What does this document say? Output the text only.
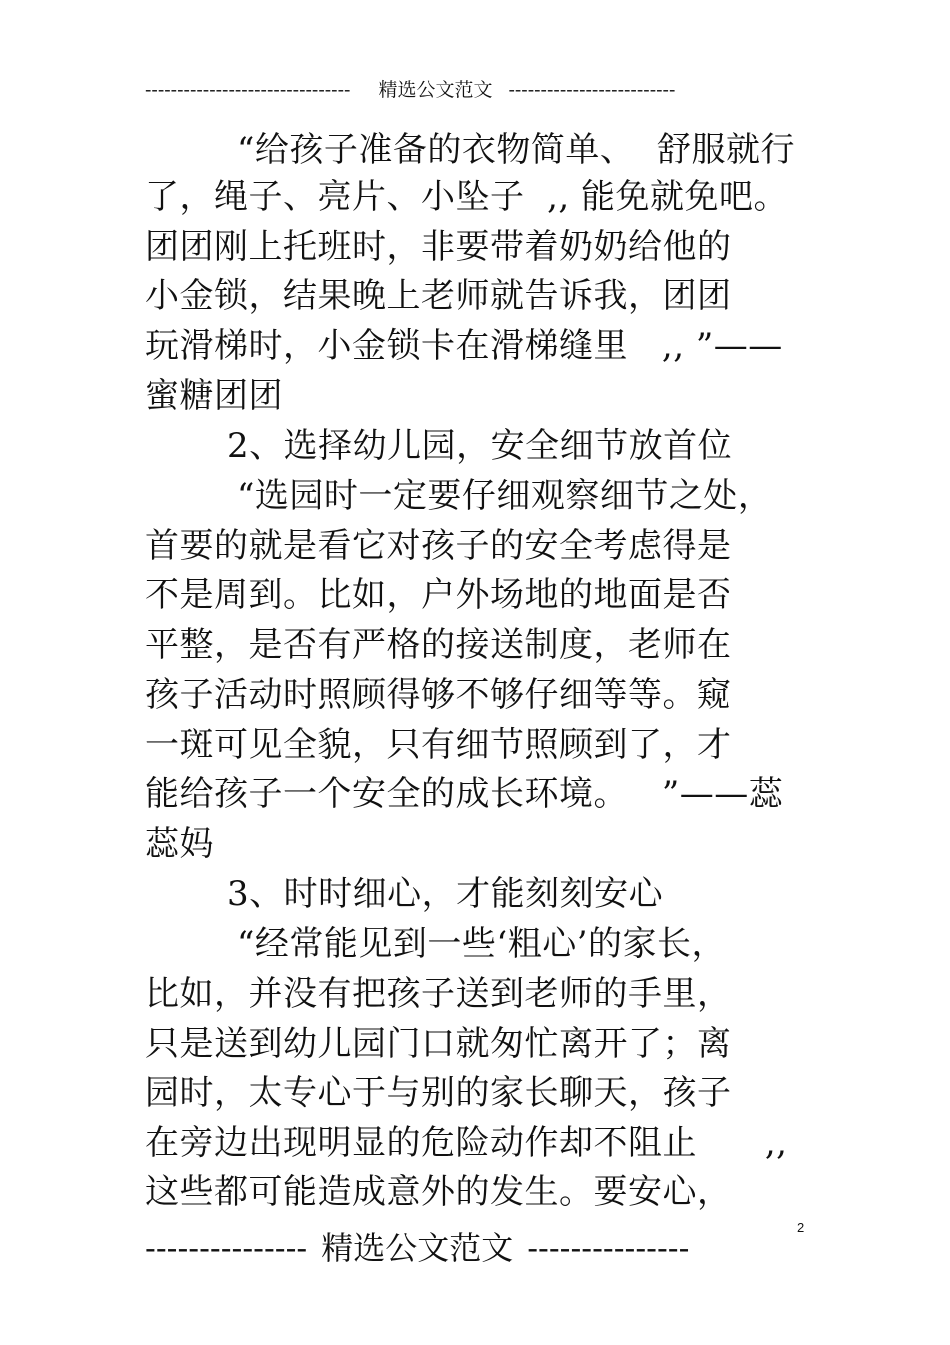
-------------------------------- 精选公文范文 --------------------------
“给孩子准备的衣物简单、  舒服就行
了，绳子、亮片、小坠子  ,, 能免就免吧。
团团刚上托班时，非要带着奶奶给他的
小金锁，结果晚上老师就告诉我，团团
玩滑梯时，小金锁卡在滑梯缝里   ,, ”——
蜜糖团团
2、选择幼儿园，安全细节放首位
“选园时一定要仔细观察细节之处，
首要的就是看它对孩子的安全考虑得是
不是周到。比如，户外场地的地面是否
平整，是否有严格的接送制度，老师在
孩子活动时照顾得够不够仔细等等。窥
一斑可见全貌，只有细节照顾到了，才
能给孩子一个安全的成长环境。   ”——蕊
蕊妈
3、时时细心，才能刻刻安心
“经常能见到一些‘粗心’的家长，
比如，并没有把孩子送到老师的手里，
只是送到幼儿园门口就匆忙离开了；离
园时，太专心于与别的家长聊天，孩子
在旁边出现明显的危险动作却不阻止      ,,
这些都可能造成意外的发生。要安心，
2
--------------- 精选公文范文 ---------------
